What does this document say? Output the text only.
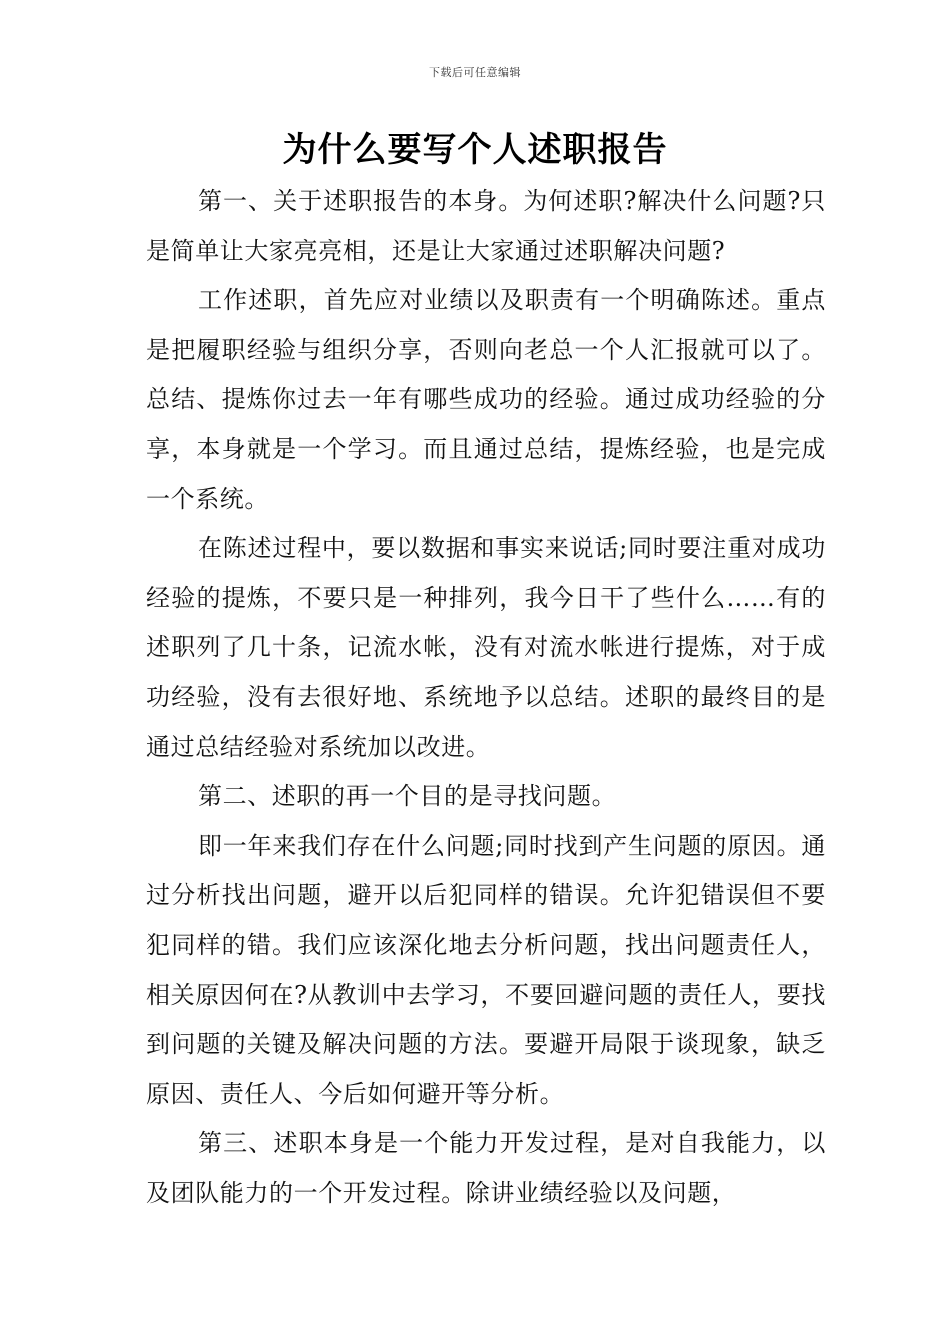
下载后可任意编辑
为什么要写个人述职报告

第一、关于述职报告的本身。为何述职?解决什么问题?只是简单让大家亮亮相，还是让大家通过述职解决问题?

工作述职，首先应对业绩以及职责有一个明确陈述。重点是把履职经验与组织分享，否则向老总一个人汇报就可以了。总结、提炼你过去一年有哪些成功的经验。通过成功经验的分享，本身就是一个学习。而且通过总结，提炼经验，也是完成一个系统。

在陈述过程中，要以数据和事实来说话;同时要注重对成功经验的提炼，不要只是一种排列，我今日干了些什么……有的述职列了几十条，记流水帐，没有对流水帐进行提炼，对于成功经验，没有去很好地、系统地予以总结。述职的最终目的是通过总结经验对系统加以改进。

第二、述职的再一个目的是寻找问题。

即一年来我们存在什么问题;同时找到产生问题的原因。通过分析找出问题，避开以后犯同样的错误。允许犯错误但不要犯同样的错。我们应该深化地去分析问题，找出问题责任人，相关原因何在?从教训中去学习，不要回避问题的责任人，要找到问题的关键及解决问题的方法。要避开局限于谈现象，缺乏原因、责任人、今后如何避开等分析。

第三、述职本身是一个能力开发过程，是对自我能力，以及团队能力的一个开发过程。除讲业绩经验以及问题，
